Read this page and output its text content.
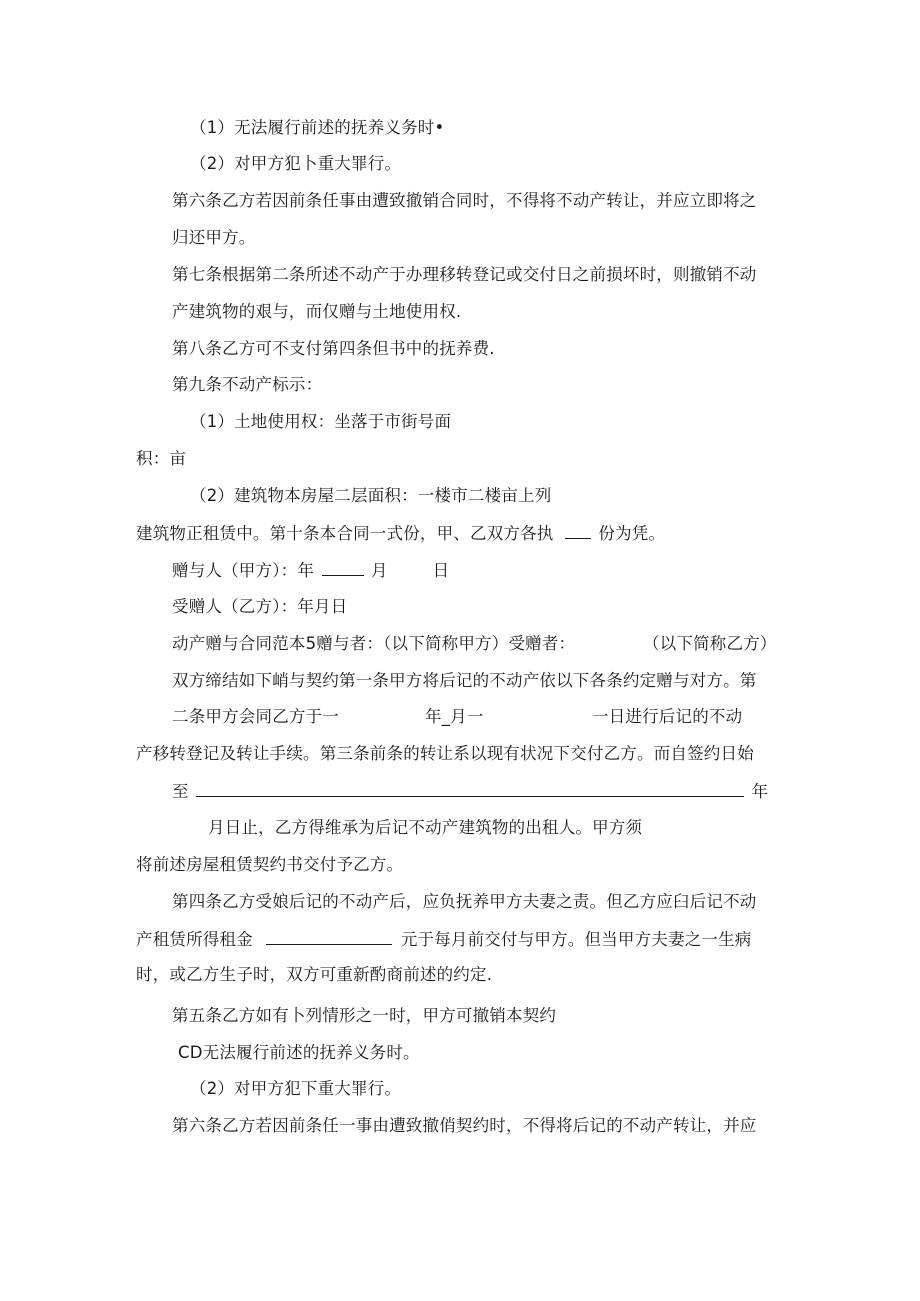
（1）无法履行前述的抚养义务时•
（2）对甲方犯卜重大罪行。
第六条乙方若因前条任事由遭致撤销合同时，不得将不动产转让，并应立即将之
归还甲方。
第七条根据第二条所述不动产于办理移转登记或交付日之前损坏时，则撤销不动
产建筑物的艰与，而仅赠与土地使用权.
第八条乙方可不支付第四条但书中的抚养费.
第九条不动产标示：
（1）土地使用权：坐落于市街号面
积：亩
（2）建筑物本房屋二层面积：一楼市二楼亩上列
建筑物正租赁中。第十条本合同一式份，甲、乙双方各执	份为凭。
赠与人（甲方）：年	月	日
受赠人（乙方）：年月日
动产赠与合同范本5赠与者：（以下简称甲方）受赠者：	（以下简称乙方）
双方缔结如下峭与契约第一条甲方将后记的不动产依以下各条约定赠与对方。第
二条甲方会同乙方于一	年_月一	一日进行后记的不动
产移转登记及转让手续。第三条前条的转让系以现有状况下交付乙方。而自签约日始
至	年
月日止，乙方得维承为后记不动产建筑物的出租人。甲方须
将前述房屋租赁契约书交付予乙方。
第四条乙方受娘后记的不动产后，应负抚养甲方夫妻之责。但乙方应臼后记不动
产租赁所得租金	元于每月前交付与甲方。但当甲方夫妻之一生病
时，或乙方生子时，双方可重新酌商前述的约定.
第五条乙方如有卜列情形之一时，甲方可撤销本契约
CD无法履行前述的抚养义务时。
（2）对甲方犯下重大罪行。
第六条乙方若因前条任一事由遭致撤俏契约时，不得将后记的不动产转让，并应
